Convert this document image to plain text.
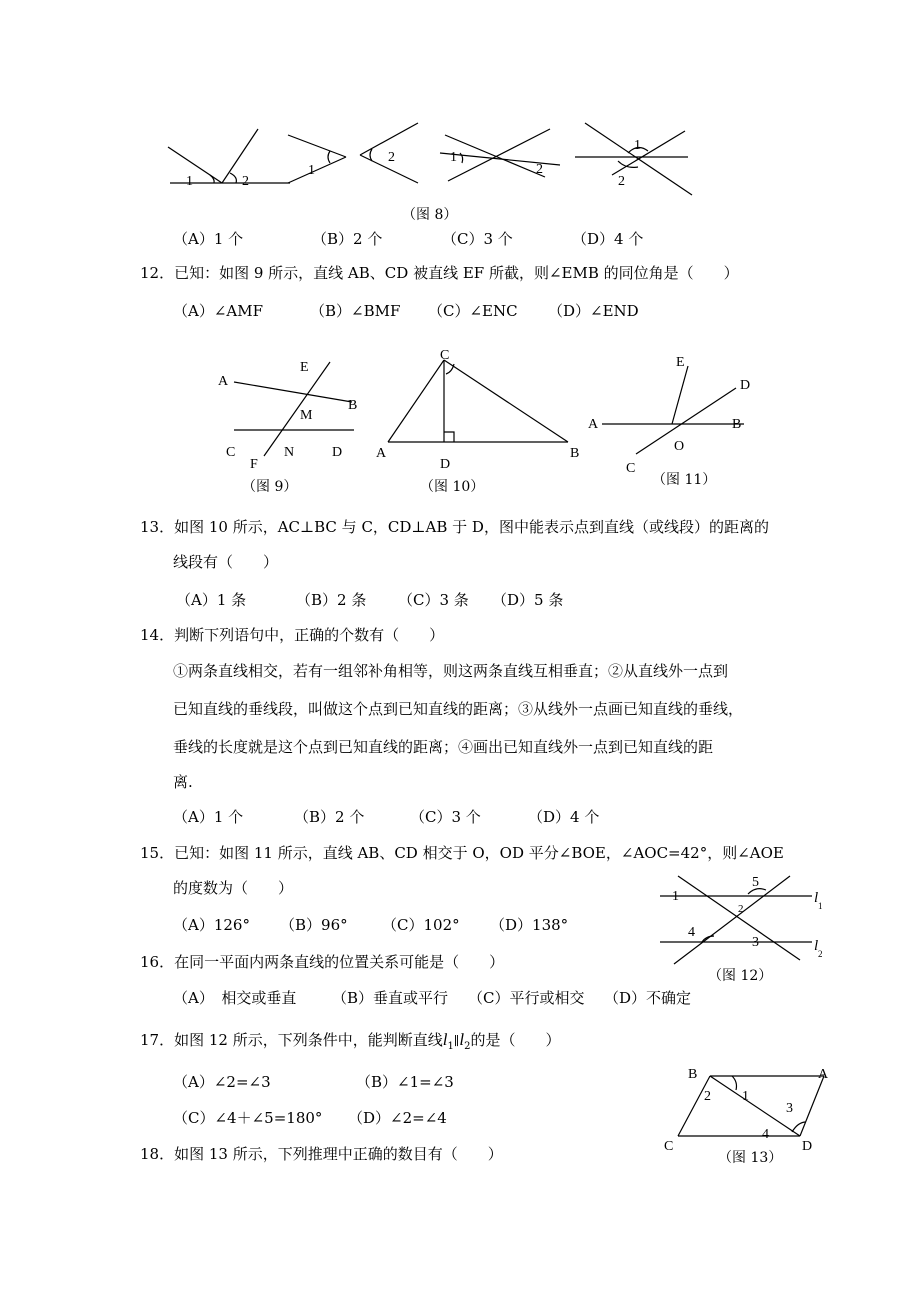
1	2
1
2	1
2
1
2
（图 8）
（A）1 个	（B）2 个	（C）3 个	（D）4 个
12．已知：如图 9 所示，直线 AB、CD 被直线 EF 所截，则∠EMB 的同位角是（　　）
（A）∠AMF	（B）∠BMF （C）∠ENC （D）∠END
A
E
B
M
C	N	D
F
（图 9）
C
A
D
B
（图 10）
E
D
A	B
O
C
（图 11）
13．如图 10 所示，AC⊥BC 与 C，CD⊥AB 于 D，图中能表示点到直线（或线段）的距离的
线段有（　　）
（A）1 条	（B）2 条 （C）3 条 （D）5 条
14．判断下列语句中，正确的个数有（　　）
①两条直线相交，若有一组邻补角相等，则这两条直线互相垂直；②从直线外一点到
已知直线的垂线段，叫做这个点到已知直线的距离；③从线外一点画已知直线的垂线，
垂线的长度就是这个点到已知直线的距离；④画出已知直线外一点到已知直线的距
离.
（A）1 个	（B）2 个	（C）3 个	（D）4 个
15．已知：如图 11 所示，直线 AB、CD 相交于 O，OD 平分∠BOE，∠AOC=42°，则∠AOE
的度数为（　　）
（A）126° （B）96° （C）102° （D）138°
1
5
2
4
3
l 1
l 2
（图 12）
16．在同一平面内两条直线的位置关系可能是（　　）
（A）　相交或垂直 （B）垂直或平行 （C）平行或相交 （D）不确定
17．如图 12 所示，下列条件中，能判断直线$l_1\parallel l_2$的是（　　）
（A）∠2=∠3	（B）∠1=∠3
（C）∠4＋∠5=180° （D）∠2=∠4
B	A
2 1
3
4
C	D
（图 13）
18．如图 13 所示，下列推理中正确的数目有（　　）
